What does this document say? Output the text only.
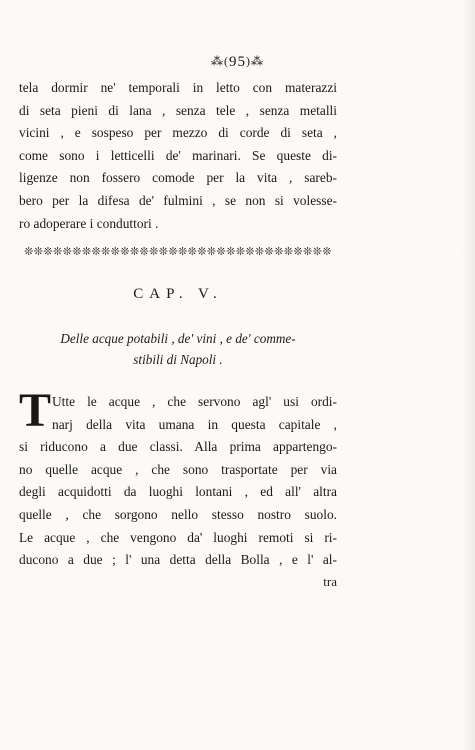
⁂(95)⁂
tela dormir ne' temporali in letto con materazzi
di seta pieni di lana , senza tele , senza metalli
vicini , e sospeso per mezzo di corde di seta ,
come sono i letticelli de' marinari. Se queste di-
ligenze non fossero comode per la vita , sareb-
bero per la difesa de' fulmini , se non si volesse-
ro adoperare i conduttori .
❊❊❊❊❊❊❊❊❊❊❊❊❊❊❊❊❊❊❊❊❊❊❊❊❊❊❊❊❊❊❊❊
CAP. V.
Delle acque potabili , de' vini , e de' comme-
stibili di Napoli .
T Utte le acque , che servono agl' usi ordi-
narj della vita umana in questa capitale ,
si riducono a due classi. Alla prima appartengo-
no quelle acque , che sono trasportate per via
degli acquidotti da luoghi lontani , ed all' altra
quelle , che sorgono nello stesso nostro suolo.
Le acque , che vengono da' luoghi remoti si ri-
ducono a due ; l' una detta della Bolla , e l' al-
tra
